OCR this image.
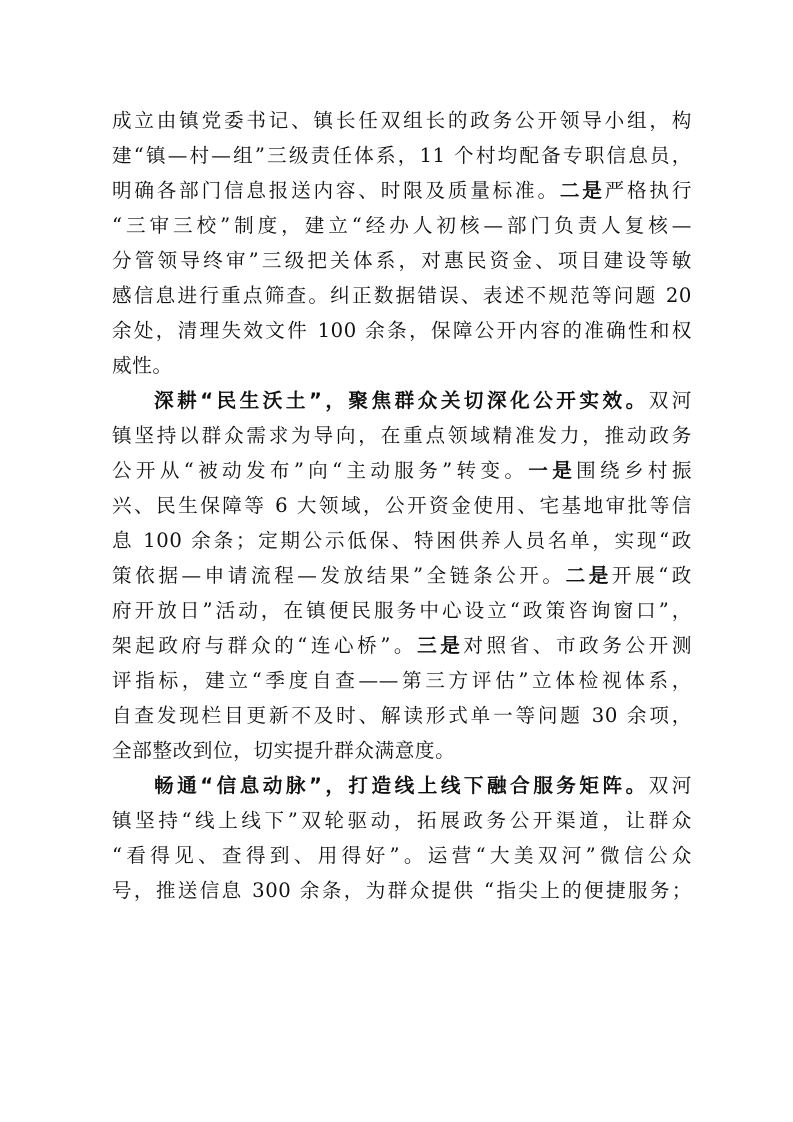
成立由镇党委书记、镇长任双组长的政务公开领导小组，构
建“镇—村—组”三级责任体系，11 个村均配备专职信息员，
明确各部门信息报送内容、时限及质量标准。二是严格执行
“三审三校”制度，建立“经办人初核—部门负责人复核—
分管领导终审”三级把关体系，对惠民资金、项目建设等敏
感信息进行重点筛查。纠正数据错误、表述不规范等问题 20
余处，清理失效文件 100 余条，保障公开内容的准确性和权
威性。
深耕“民生沃土”，聚焦群众关切深化公开实效。双河
镇坚持以群众需求为导向，在重点领域精准发力，推动政务
公开从“被动发布”向“主动服务”转变。一是围绕乡村振
兴、民生保障等 6 大领域，公开资金使用、宅基地审批等信
息 100 余条；定期公示低保、特困供养人员名单，实现“政
策依据—申请流程—发放结果”全链条公开。二是开展“政
府开放日”活动，在镇便民服务中心设立“政策咨询窗口”，
架起政府与群众的“连心桥”。三是对照省、市政务公开测
评指标，建立“季度自查——第三方评估”立体检视体系，
自查发现栏目更新不及时、解读形式单一等问题 30 余项，
全部整改到位，切实提升群众满意度。
畅通“信息动脉”，打造线上线下融合服务矩阵。双河
镇坚持“线上线下”双轮驱动，拓展政务公开渠道，让群众
“看得见、查得到、用得好”。运营“大美双河”微信公众
号，推送信息 300 余条，为群众提供 “指尖上的便捷服务；
